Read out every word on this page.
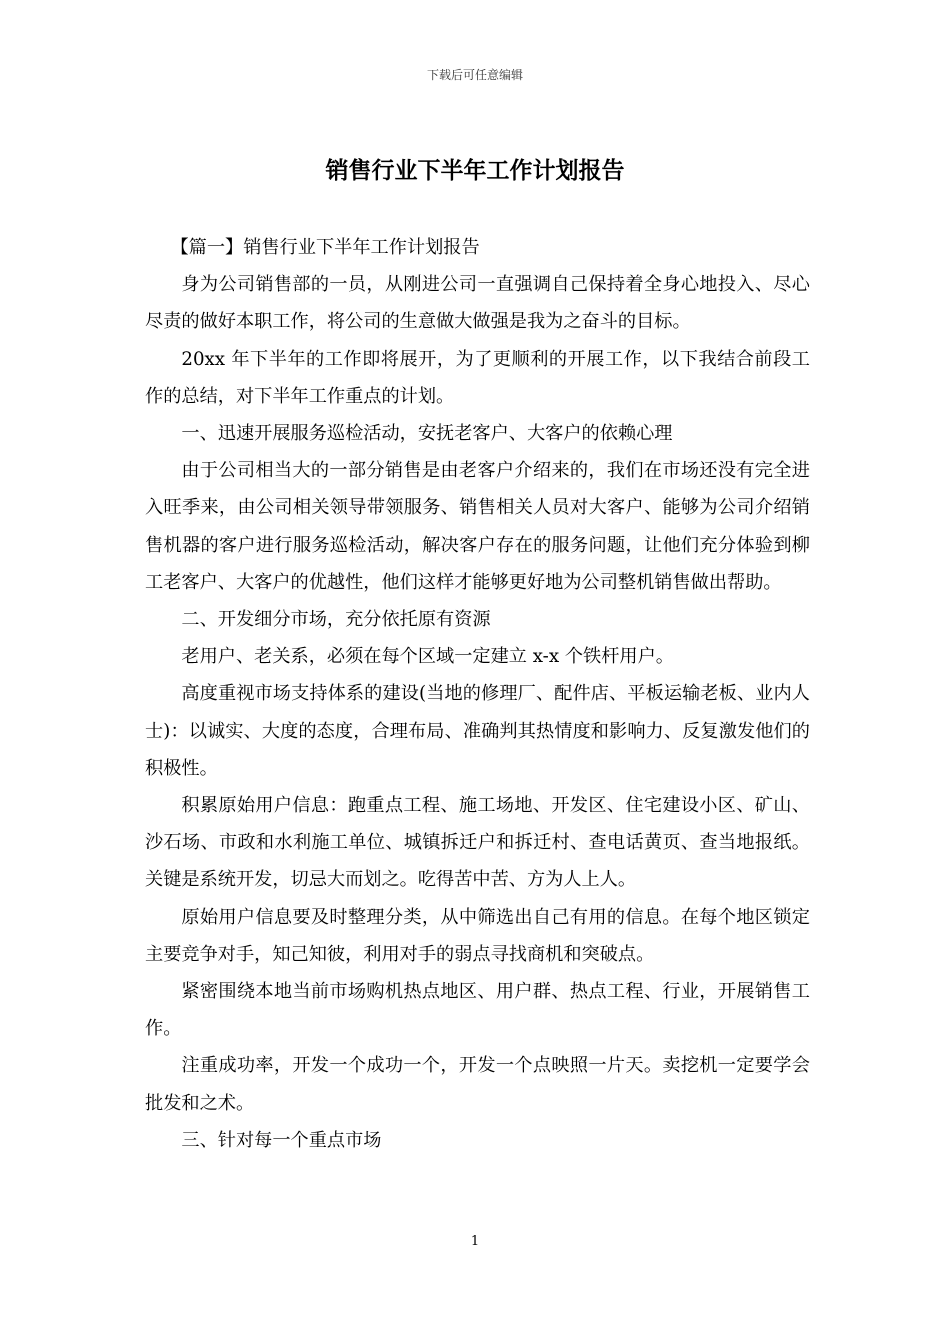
下载后可任意编辑
销售行业下半年工作计划报告

【篇一】销售行业下半年工作计划报告

身为公司销售部的一员，从刚进公司一直强调自己保持着全身心地投入、尽心尽责的做好本职工作，将公司的生意做大做强是我为之奋斗的目标。

20xx 年下半年的工作即将展开，为了更顺利的开展工作，以下我结合前段工作的总结，对下半年工作重点的计划。

一、迅速开展服务巡检活动，安抚老客户、大客户的依赖心理

由于公司相当大的一部分销售是由老客户介绍来的，我们在市场还没有完全进入旺季来，由公司相关领导带领服务、销售相关人员对大客户、能够为公司介绍销售机器的客户进行服务巡检活动，解决客户存在的服务问题，让他们充分体验到柳工老客户、大客户的优越性，他们这样才能够更好地为公司整机销售做出帮助。

二、开发细分市场，充分依托原有资源

老用户、老关系，必须在每个区域一定建立 x-x 个铁杆用户。

高度重视市场支持体系的建设(当地的修理厂、配件店、平板运输老板、业内人士)：以诚实、大度的态度，合理布局、准确判其热情度和影响力、反复激发他们的积极性。

积累原始用户信息：跑重点工程、施工场地、开发区、住宅建设小区、矿山、沙石场、市政和水利施工单位、城镇拆迁户和拆迁村、查电话黄页、查当地报纸。关键是系统开发，切忌大而划之。吃得苦中苦、方为人上人。

原始用户信息要及时整理分类，从中筛选出自己有用的信息。在每个地区锁定主要竞争对手，知己知彼，利用对手的弱点寻找商机和突破点。

紧密围绕本地当前市场购机热点地区、用户群、热点工程、行业，开展销售工作。

注重成功率，开发一个成功一个，开发一个点映照一片天。卖挖机一定要学会批发和之术。

三、针对每一个重点市场

1
